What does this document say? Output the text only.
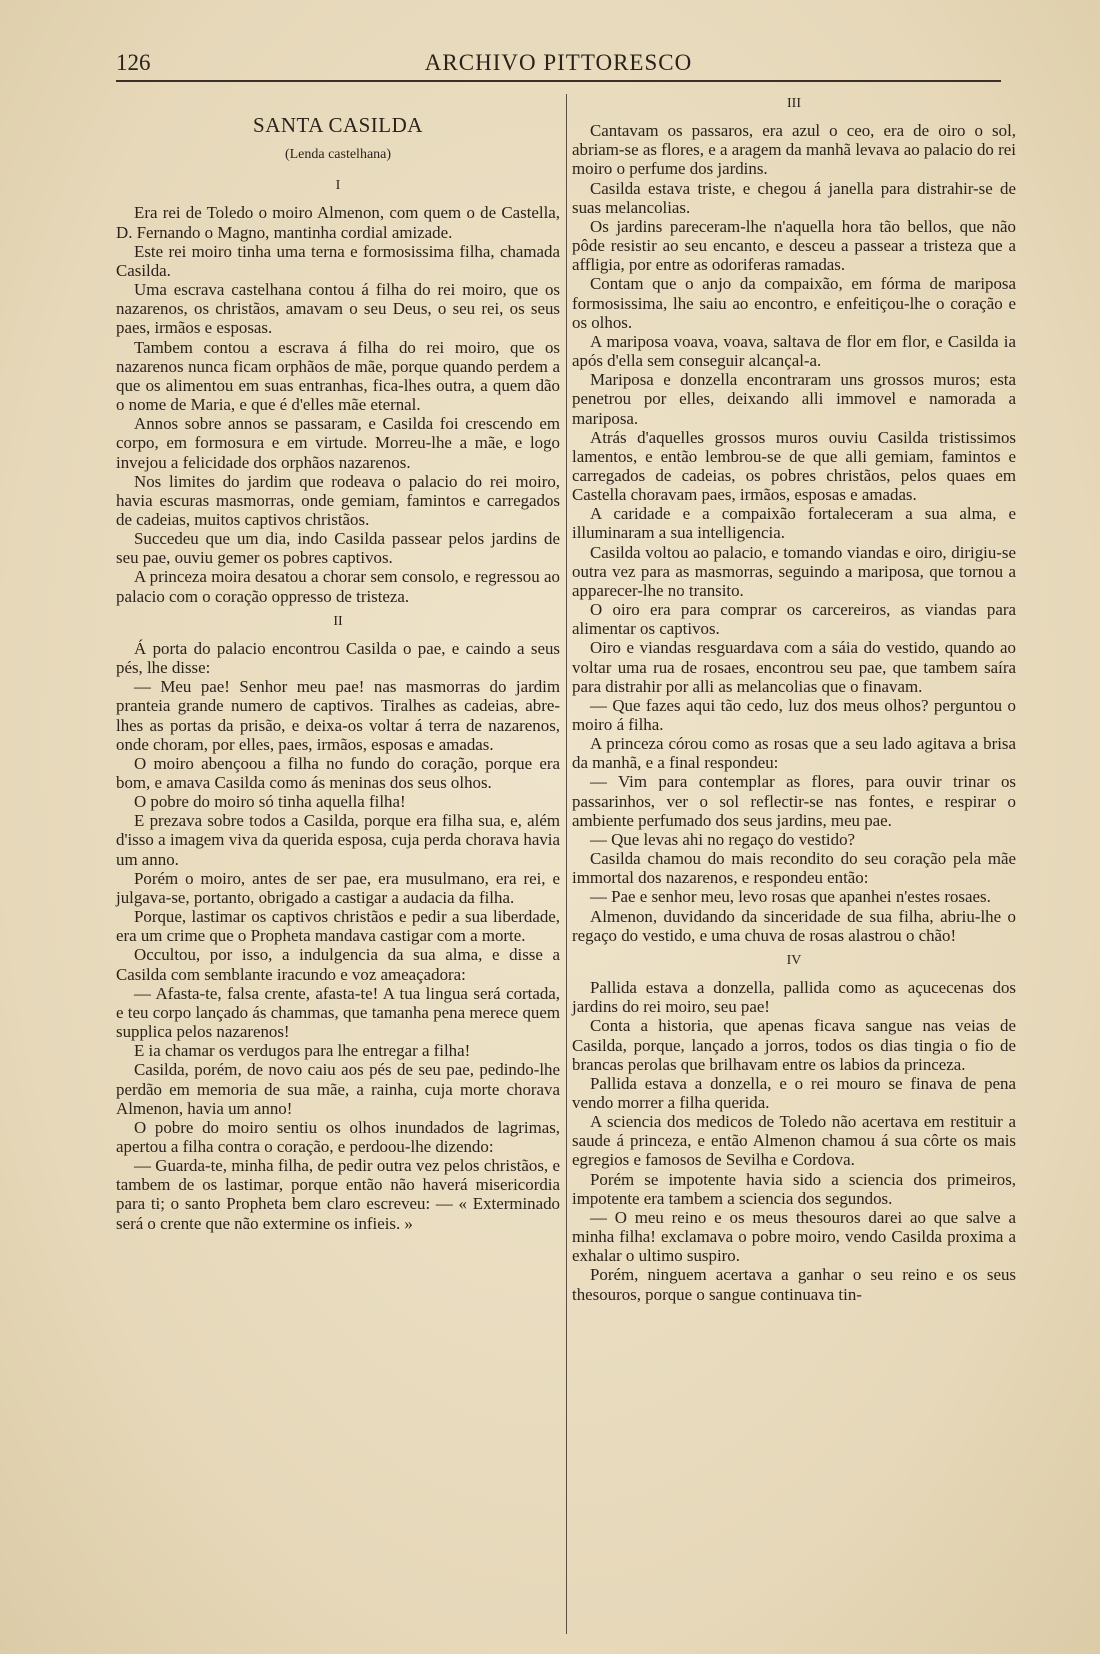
126	ARCHIVO PITTORESCO
SANTA CASILDA
(Lenda castelhana)
I

Era rei de Toledo o moiro Almenon, com quem o de Castella, D. Fernando o Magno, mantinha cordial amizade.

Este rei moiro tinha uma terna e formosissima filha, chamada Casilda.

Uma escrava castelhana contou á filha do rei moiro, que os nazarenos, os christãos, amavam o seu Deus, o seu rei, os seus paes, irmãos e esposas.

Tambem contou a escrava á filha do rei moiro, que os nazarenos nunca ficam orphãos de mãe, porque quando perdem a que os alimentou em suas entranhas, fica-lhes outra, a quem dão o nome de Maria, e que é d'elles mãe eternal.

Annos sobre annos se passaram, e Casilda foi crescendo em corpo, em formosura e em virtude. Morreu-lhe a mãe, e logo invejou a felicidade dos orphãos nazarenos.

Nos limites do jardim que rodeava o palacio do rei moiro, havia escuras masmorras, onde gemiam, famintos e carregados de cadeias, muitos captivos christãos.

Succedeu que um dia, indo Casilda passear pelos jardins de seu pae, ouviu gemer os pobres captivos.

A princeza moira desatou a chorar sem consolo, e regressou ao palacio com o coração oppresso de tristeza.

II

Á porta do palacio encontrou Casilda o pae, e caindo a seus pés, lhe disse:

— Meu pae! Senhor meu pae! nas masmorras do jardim pranteia grande numero de captivos. Tiralhes as cadeias, abre-lhes as portas da prisão, e deixa-os voltar á terra de nazarenos, onde choram, por elles, paes, irmãos, esposas e amadas.

O moiro abençoou a filha no fundo do coração, porque era bom, e amava Casilda como ás meninas dos seus olhos.

O pobre do moiro só tinha aquella filha!

E prezava sobre todos a Casilda, porque era filha sua, e, além d'isso a imagem viva da querida esposa, cuja perda chorava havia um anno.

Porém o moiro, antes de ser pae, era musulmano, era rei, e julgava-se, portanto, obrigado a castigar a audacia da filha.

Porque, lastimar os captivos christãos e pedir a sua liberdade, era um crime que o Propheta mandava castigar com a morte.

Occultou, por isso, a indulgencia da sua alma, e disse a Casilda com semblante iracundo e voz ameaçadora:

— Afasta-te, falsa crente, afasta-te! A tua lingua será cortada, e teu corpo lançado ás chammas, que tamanha pena merece quem supplica pelos nazarenos!

E ia chamar os verdugos para lhe entregar a filha!

Casilda, porém, de novo caiu aos pés de seu pae, pedindo-lhe perdão em memoria de sua mãe, a rainha, cuja morte chorava Almenon, havia um anno!

O pobre do moiro sentiu os olhos inundados de lagrimas, apertou a filha contra o coração, e perdoou-lhe dizendo:

— Guarda-te, minha filha, de pedir outra vez pelos christãos, e tambem de os lastimar, porque então não haverá misericordia para ti; o santo Propheta bem claro escreveu: — « Exterminado será o crente que não extermine os infieis. »

III

Cantavam os passaros, era azul o ceo, era de oiro o sol, abriam-se as flores, e a aragem da manhã levava ao palacio do rei moiro o perfume dos jardins.

Casilda estava triste, e chegou á janella para distrahir-se de suas melancolias.

Os jardins pareceram-lhe n'aquella hora tão bellos, que não pôde resistir ao seu encanto, e desceu a passear a tristeza que a affligia, por entre as odoriferas ramadas.

Contam que o anjo da compaixão, em fórma de mariposa formosissima, lhe saiu ao encontro, e enfeitiçou-lhe o coração e os olhos.

A mariposa voava, voava, saltava de flor em flor, e Casilda ia após d'ella sem conseguir alcançal-a.

Mariposa e donzella encontraram uns grossos muros; esta penetrou por elles, deixando alli immovel e namorada a mariposa.

Atrás d'aquelles grossos muros ouviu Casilda tristissimos lamentos, e então lembrou-se de que alli gemiam, famintos e carregados de cadeias, os pobres christãos, pelos quaes em Castella choravam paes, irmãos, esposas e amadas.

A caridade e a compaixão fortaleceram a sua alma, e illuminaram a sua intelligencia.

Casilda voltou ao palacio, e tomando viandas e oiro, dirigiu-se outra vez para as masmorras, seguindo a mariposa, que tornou a apparecer-lhe no transito.

O oiro era para comprar os carcereiros, as viandas para alimentar os captivos.

Oiro e viandas resguardava com a sáia do vestido, quando ao voltar uma rua de rosaes, encontrou seu pae, que tambem saíra para distrahir por alli as melancolias que o finavam.

— Que fazes aqui tão cedo, luz dos meus olhos? perguntou o moiro á filha.

A princeza córou como as rosas que a seu lado agitava a brisa da manhã, e a final respondeu:

— Vim para contemplar as flores, para ouvir trinar os passarinhos, ver o sol reflectir-se nas fontes, e respirar o ambiente perfumado dos seus jardins, meu pae.

— Que levas ahi no regaço do vestido?

Casilda chamou do mais recondito do seu coração pela mãe immortal dos nazarenos, e respondeu então:

— Pae e senhor meu, levo rosas que apanhei n'estes rosaes.

Almenon, duvidando da sinceridade de sua filha, abriu-lhe o regaço do vestido, e uma chuva de rosas alastrou o chão!

IV

Pallida estava a donzella, pallida como as açucecenas dos jardins do rei moiro, seu pae!

Conta a historia, que apenas ficava sangue nas veias de Casilda, porque, lançado a jorros, todos os dias tingia o fio de brancas perolas que brilhavam entre os labios da princeza.

Pallida estava a donzella, e o rei mouro se finava de pena vendo morrer a filha querida.

A sciencia dos medicos de Toledo não acertava em restituir a saude á princeza, e então Almenon chamou á sua côrte os mais egregios e famosos de Sevilha e Cordova.

Porém se impotente havia sido a sciencia dos primeiros, impotente era tambem a sciencia dos segundos.

— O meu reino e os meus thesouros darei ao que salve a minha filha! exclamava o pobre moiro, vendo Casilda proxima a exhalar o ultimo suspiro.

Porém, ninguem acertava a ganhar o seu reino e os seus thesouros, porque o sangue continuava tin-
